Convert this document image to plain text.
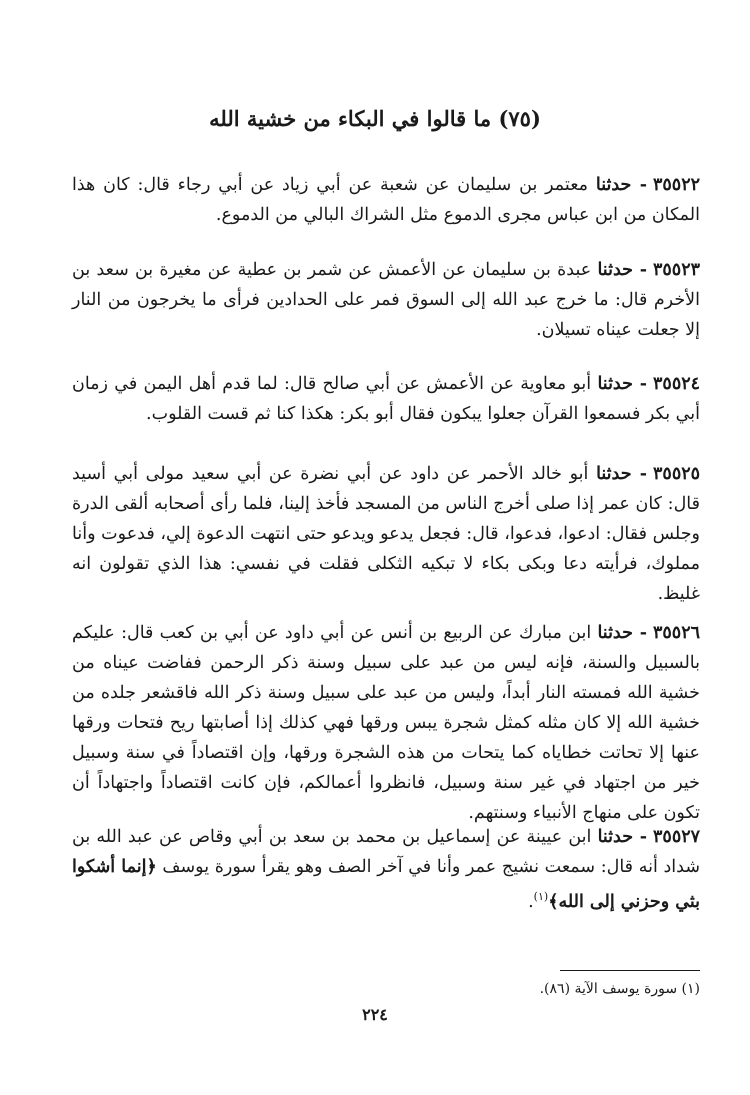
(٧٥) ما قالوا في البكاء من خشية الله
٣٥٥٢٢- حدثنا معتمر بن سليمان عن شعبة عن أبي زياد عن أبي رجاء قال: كان هذا المكان من ابن عباس مجرى الدموع مثل الشراك البالي من الدموع.
٣٥٥٢٣- حدثنا عبدة بن سليمان عن الأعمش عن شمر بن عطية عن مغيرة بن سعد بن الأخرم قال: ما خرج عبد الله إلى السوق فمر على الحدادين فرأى ما يخرجون من النار إلا جعلت عيناه تسيلان.
٣٥٥٢٤- حدثنا أبو معاوية عن الأعمش عن أبي صالح قال: لما قدم أهل اليمن في زمان أبي بكر فسمعوا القرآن جعلوا يبكون فقال أبو بكر: هكذا كنا ثم قست القلوب.
٣٥٥٢٥- حدثنا أبو خالد الأحمر عن داود عن أبي نضرة عن أبي سعيد مولى أبي أسيد قال: كان عمر إذا صلى أخرج الناس من المسجد فأخذ إلينا، فلما رأى أصحابه ألقى الدرة وجلس فقال: ادعوا، فدعوا، قال: فجعل يدعو ويدعو حتى انتهت الدعوة إلي، فدعوت وأنا مملوك، فرأيته دعا وبكى بكاء لا تبكيه الثكلى فقلت في نفسي: هذا الذي تقولون انه غليظ.
٣٥٥٢٦- حدثنا ابن مبارك عن الربيع بن أنس عن أبي داود عن أبي بن كعب قال: عليكم بالسبيل والسنة، فإنه ليس من عبد على سبيل وسنة ذكر الرحمن ففاضت عيناه من خشية الله فمسته النار أبداً، وليس من عبد على سبيل وسنة ذكر الله فاقشعر جلده من خشية الله إلا كان مثله كمثل شجرة يبس ورقها فهي كذلك إذا أصابتها ريح فتحات ورقها عنها إلا تحاتت خطاياه كما يتحات من هذه الشجرة ورقها، وإن اقتصاداً في سنة وسبيل خير من اجتهاد في غير سنة وسبيل، فانظروا أعمالكم، فإن كانت اقتصاداً واجتهاداً أن تكون على منهاج الأنبياء وسنتهم.
٣٥٥٢٧- حدثنا ابن عيينة عن إسماعيل بن محمد بن سعد بن أبي وقاص عن عبد الله بن شداد أنه قال: سمعت نشيج عمر وأنا في آخر الصف وهو يقرأ سورة يوسف ﴿إنما أشكوا بثي وحزني إلى الله﴾$^{(١)}$.
(١) سورة يوسف الآية (٨٦).
٢٢٤
